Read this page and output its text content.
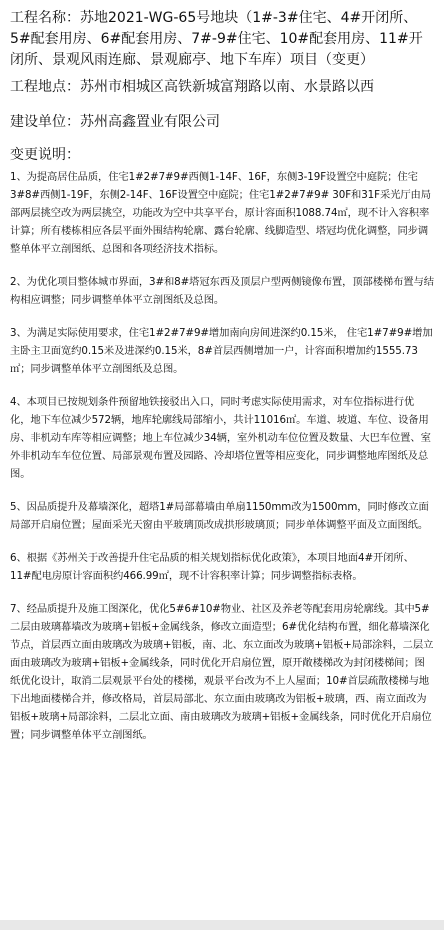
工程名称：苏地2021-WG-65号地块（1#-3#住宅、4#开闭所、5#配套用房、6#配套用房、7#-9#住宅、10#配套用房、11#开闭所、景观风雨连廊、景观廊亭、地下车库）项目（变更）

工程地点：苏州市相城区高铁新城富翔路以南、水景路以西

建设单位：苏州高鑫置业有限公司

变更说明：

1、为提高居住品质，住宅1#2#7#9#西侧1-14F、16F，东侧3-19F设置空中庭院；住宅3#8#西侧1-19F，东侧2-14F、16F设置空中庭院；住宅1#2#7#9# 30F和31F采光厅由局部两层挑空改为两层挑空，功能改为空中共享平台，原计容面积1088.74㎡，现不计入容积率计算；所有楼栋相应各层平面外围结构轮廓、露台轮廓、线脚造型、塔冠均优化调整，同步调整单体平立剖图纸、总图和各项经济技术指标。

2、为优化项目整体城市界面，3#和8#塔冠东西及顶层户型两侧镜像布置，顶部楼梯布置与结构相应调整；同步调整单体平立剖图纸及总图。

3、为满足实际使用要求，住宅1#2#7#9#增加南向房间进深约0.15米， 住宅1#7#9#增加主卧主卫面宽约0.15米及进深约0.15米，8#首层西侧增加一户，计容面积增加约1555.73㎡；同步调整单体平立剖图纸及总图。

4、本项目已按规划条件预留地铁接驳出入口，同时考虑实际使用需求，对车位指标进行优化，地下车位减少572辆，地库轮廓线局部缩小，共计11016㎡。车道、坡道、车位、设备用房、非机动车库等相应调整；地上车位减少34辆，室外机动车位位置及数量、大巴车位置、室外非机动车车位位置、局部景观布置及园路、冷却塔位置等相应变化，同步调整地库图纸及总图。

5、因品质提升及幕墙深化，超塔1#局部幕墙由单扇1150mm改为1500mm，同时修改立面局部开启扇位置；屋面采光天窗由平玻璃顶改成拱形玻璃顶；同步单体调整平面及立面图纸。

6、根据《苏州关于改善提升住宅品质的相关规划指标优化政策》，本项目地面4#开闭所、11#配电房原计容面积约466.99㎡，现不计容积率计算；同步调整指标表格。

7、经品质提升及施工图深化，优化5#6#10#物业、社区及养老等配套用房轮廓线。其中5#二层由玻璃幕墙改为玻璃+铝板+金属线条，修改立面造型；6#优化结构布置，细化幕墙深化节点，首层西立面由玻璃改为玻璃+铝板，南、北、东立面改为玻璃+铝板+局部涂料，二层立面由玻璃改为玻璃+铝板+金属线条，同时优化开启扇位置，原开敞楼梯改为封闭楼梯间；图纸优化设计，取消二层观景平台处的楼梯，观景平台改为不上人屋面；10#首层疏散楼梯与地下出地面楼梯合并，修改格局，首层局部北、东立面由玻璃改为铝板+玻璃，西、南立面改为铝板+玻璃+局部涂料，二层北立面、南由玻璃改为玻璃+铝板+金属线条，同时优化开启扇位置；同步调整单体平立剖图纸。
